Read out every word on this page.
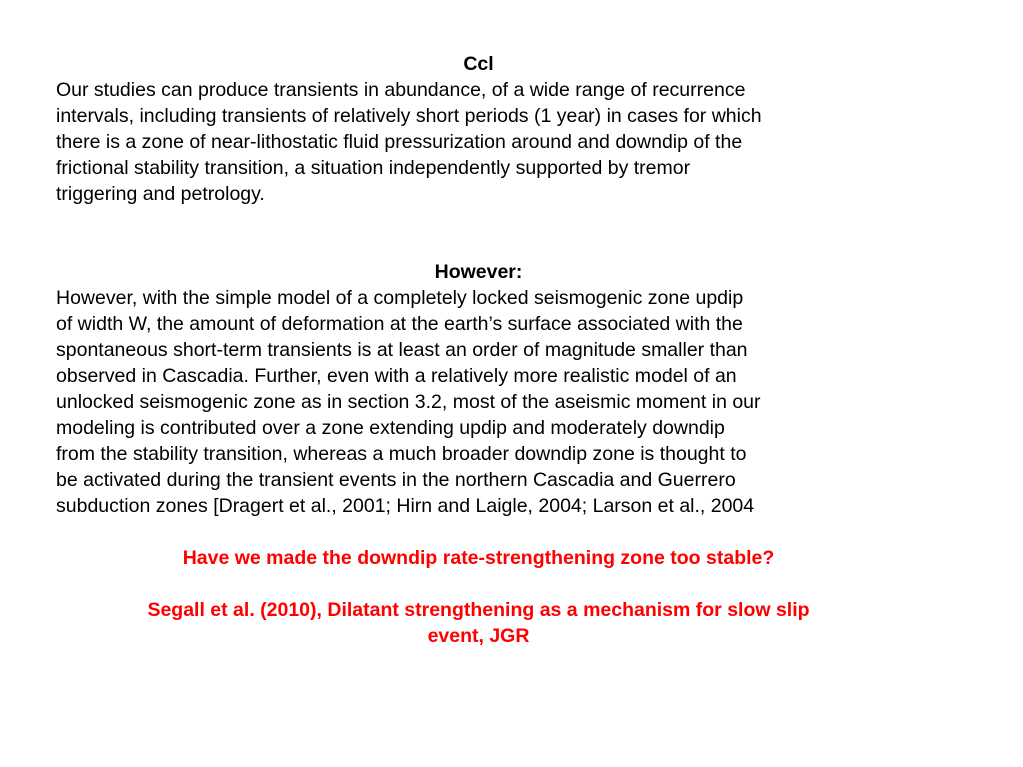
Ccl

Our studies can produce transients in abundance, of a wide range of recurrence
intervals, including transients of relatively short periods (1 year) in cases for which
there is a zone of near-lithostatic fluid pressurization around and downdip of the
frictional stability transition, a situation independently supported by tremor
triggering and petrology.

However:

However, with the simple model of a completely locked seismogenic zone updip
of width W, the amount of deformation at the earth’s surface associated with the
spontaneous short-term transients is at least an order of magnitude smaller than
observed in Cascadia. Further, even with a relatively more realistic model of an
unlocked seismogenic zone as in section 3.2, most of the aseismic moment in our
modeling is contributed over a zone extending updip and moderately downdip
from the stability transition, whereas a much broader downdip zone is thought to
be activated during the transient events in the northern Cascadia and Guerrero
subduction zones [Dragert et al., 2001; Hirn and Laigle, 2004; Larson et al., 2004

Have we made the downdip rate-strengthening zone too stable?

Segall et al. (2010), Dilatant strengthening as a mechanism for slow slip
event, JGR
